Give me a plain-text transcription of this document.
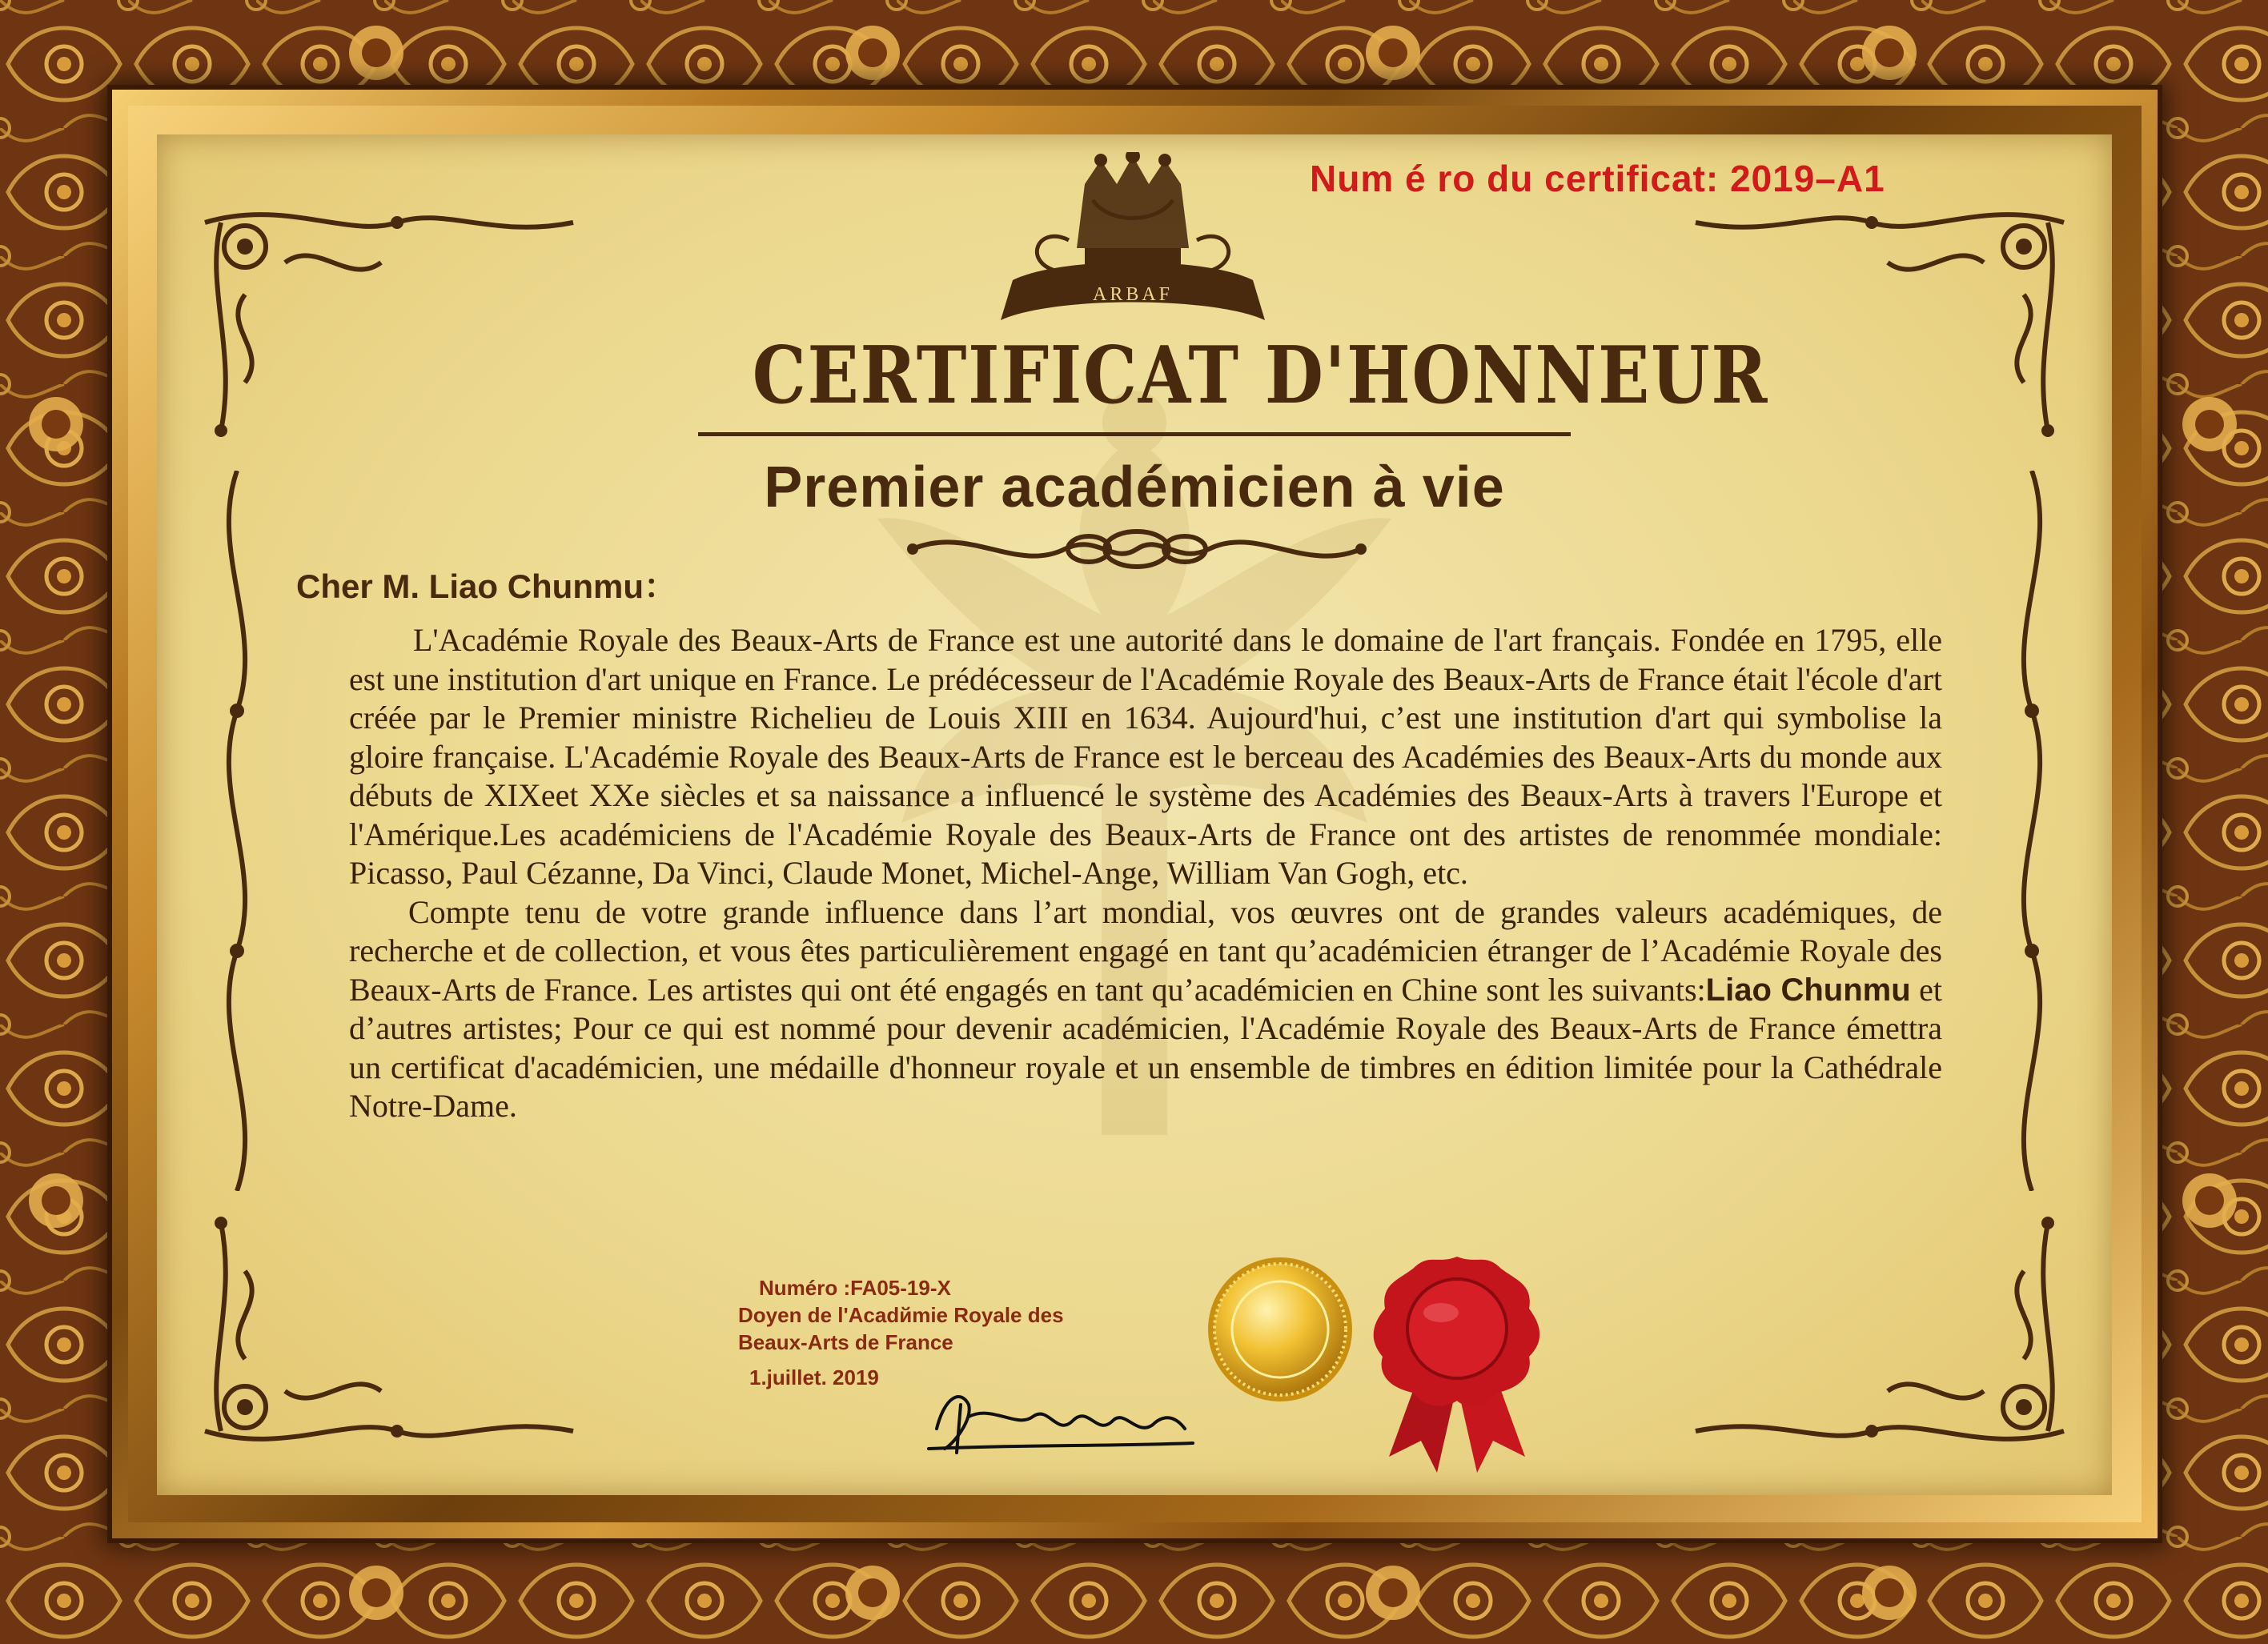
Num é ro du certificat: 2019–A1
ARBAF
CERTIFICAT D'HONNEUR
Premier académicien à vie
Cher M. Liao Chunmu：

L'Académie Royale des Beaux-Arts de France est une autorité dans le domaine de l'art français. Fondée en 1795, elle est une institution d'art unique en France. Le prédécesseur de l'Académie Royale des Beaux-Arts de France était l'école d'art créée par le Premier ministre Richelieu de Louis XIII en 1634. Aujourd'hui, c’est une institution d'art qui symbolise la gloire française. L'Académie Royale des Beaux-Arts de France est le berceau des Académies des Beaux-Arts du monde aux débuts de XIXeet XXe siècles et sa naissance a influencé le système des Académies des Beaux-Arts à travers l'Europe et l'Amérique.Les académiciens de l'Académie Royale des Beaux-Arts de France ont des artistes de renommée mondiale: Picasso, Paul Cézanne, Da Vinci, Claude Monet, Michel-Ange, William Van Gogh, etc.

Compte tenu de votre grande influence dans l’art mondial, vos œuvres ont de grandes valeurs académiques, de recherche et de collection, et vous êtes particulièrement engagé en tant qu’académicien étranger de l’Académie Royale des Beaux-Arts de France. Les artistes qui ont été engagés en tant qu’académicien en Chine sont les suivants:Liao Chunmu et d’autres artistes; Pour ce qui est nommé pour devenir académicien, l'Académie Royale des Beaux-Arts de France émettra un certificat d'académicien, une médaille d'honneur royale et un ensemble de timbres en édition limitée pour la Cathédrale Notre-Dame.

Numéro :FA05-19-X
Doyen de l'Acadйmie Royale des
Beaux-Arts de France
1.juillet. 2019
